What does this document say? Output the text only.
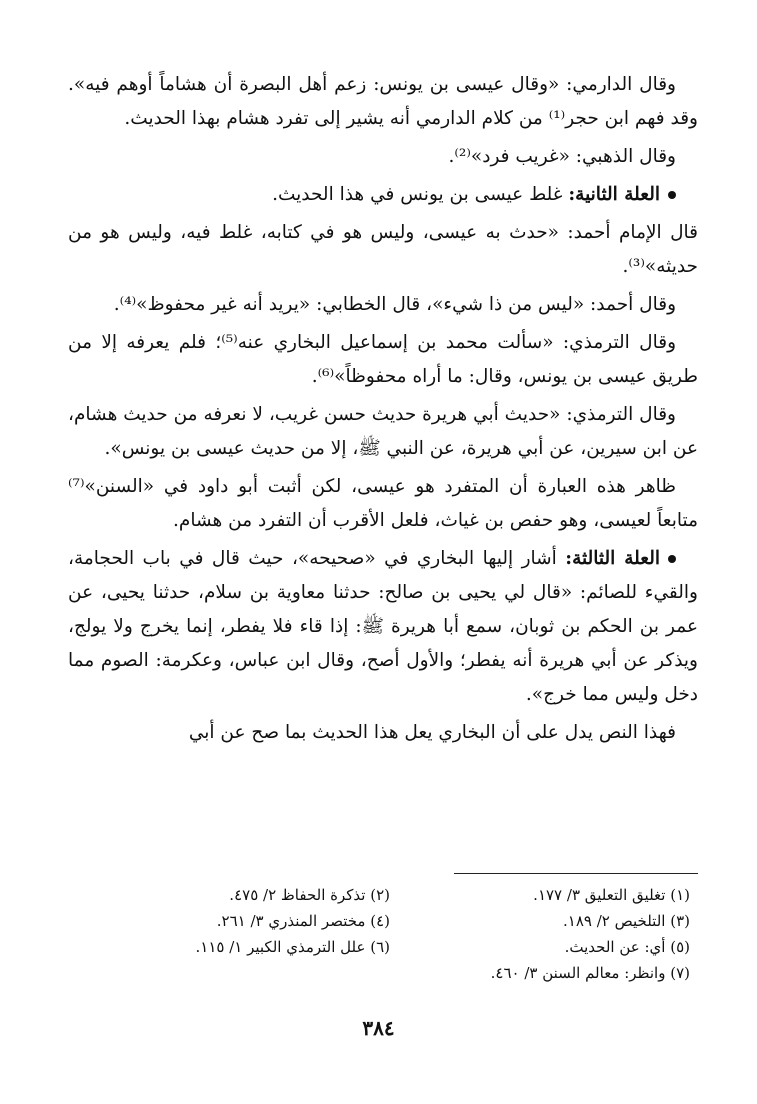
وقال الدارمي: «وقال عيسى بن يونس: زعم أهل البصرة أن هشاماً أوهم فيه». وقد فهم ابن حجر⁽¹⁾ من كلام الدارمي أنه يشير إلى تفرد هشام بهذا الحديث.

وقال الذهبي: «غريب فرد»⁽²⁾.

العلة الثانية: غلط عيسى بن يونس في هذا الحديث.

قال الإمام أحمد: «حدث به عيسى، وليس هو في كتابه، غلط فيه، وليس هو من حديثه»⁽³⁾.

وقال أحمد: «ليس من ذا شيء»، قال الخطابي: «يريد أنه غير محفوظ»⁽⁴⁾.

وقال الترمذي: «سألت محمد بن إسماعيل البخاري عنه⁽⁵⁾؛ فلم يعرفه إلا من طريق عيسى بن يونس، وقال: ما أراه محفوظاً»⁽⁶⁾.

وقال الترمذي: «حديث أبي هريرة حديث حسن غريب، لا نعرفه من حديث هشام، عن ابن سيرين، عن أبي هريرة، عن النبي ﷺ، إلا من حديث عيسى بن يونس».

ظاهر هذه العبارة أن المتفرد هو عيسى، لكن أثبت أبو داود في «السنن»⁽⁷⁾ متابعاً لعيسى، وهو حفص بن غياث، فلعل الأقرب أن التفرد من هشام.

العلة الثالثة: أشار إليها البخاري في «صحيحه»، حيث قال في باب الحجامة، والقيء للصائم: «قال لي يحيى بن صالح: حدثنا معاوية بن سلام، حدثنا يحيى، عن عمر بن الحكم بن ثوبان، سمع أبا هريرة ﷺ: إذا قاء فلا يفطر، إنما يخرج ولا يولج، ويذكر عن أبي هريرة أنه يفطر؛ والأول أصح، وقال ابن عباس، وعكرمة: الصوم مما دخل وليس مما خرج».

فهذا النص يدل على أن البخاري يعل هذا الحديث بما صح عن أبي

(١) تغليق التعليق ٣/ ١٧٧.
(٢) تذكرة الحفاظ ٢/ ٤٧٥.
(٣) التلخيص ٢/ ١٨٩.
(٤) مختصر المنذري ٣/ ٢٦١.
(٥) أي: عن الحديث.
(٦) علل الترمذي الكبير ١/ ١١٥.
(٧) وانظر: معالم السنن ٣/ ٤٦٠.
٣٨٤
